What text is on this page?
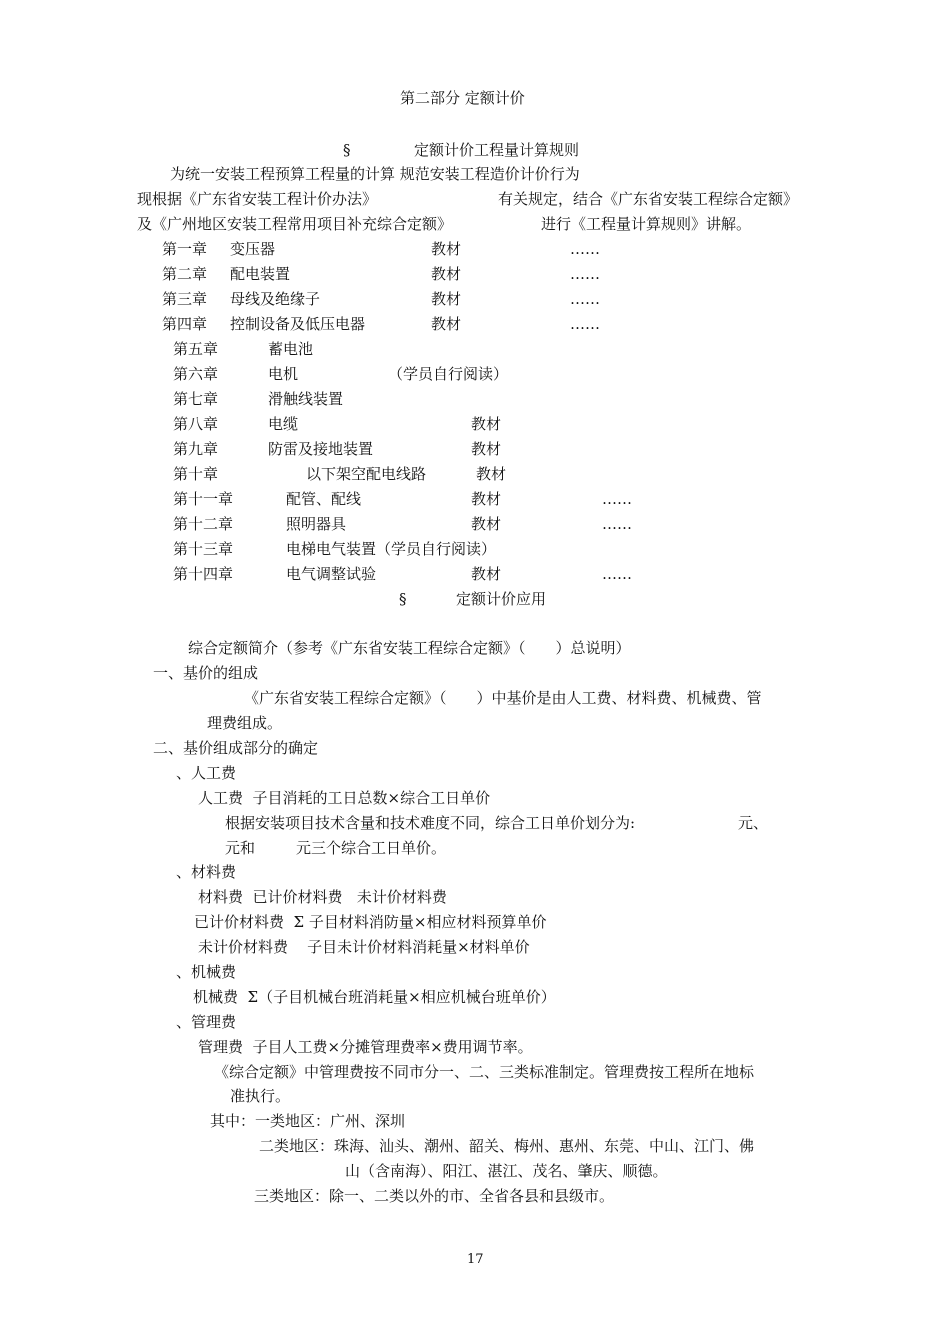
第二部分 定额计价
§	定额计价工程量计算规则
为统一安装工程预算工程量的计算 规范安装工程造价计价行为
现根据《广东省安装工程计价办法》	有关规定，结合《广东省安装工程综合定额》
及《广州地区安装工程常用项目补充综合定额》	进行《工程量计算规则》讲解。
第一章 变压器	教材	……
第二章 配电装置	教材	……
第三章 母线及绝缘子	教材	……
第四章 控制设备及低压电器	教材	……
第五章	蓄电池
第六章	电机	（学员自行阅读）
第七章	滑触线装置
第八章	电缆	教材
第九章	防雷及接地装置	教材
第十章	以下架空配电线路	教材
第十一章	配管、配线	教材	……
第十二章	照明器具	教材	……
第十三章	电梯电气装置（学员自行阅读）
第十四章	电气调整试验	教材	……
§	定额计价应用
综合定额简介（参考《广东省安装工程综合定额》（　　）总说明）
一、基价的组成
《广东省安装工程综合定额》（　　）中基价是由人工费、材料费、机械费、管
理费组成。
二、基价组成部分的确定
、人工费
人工费  子目消耗的工日总数×综合工日单价
根据安装项目技术含量和技术难度不同，综合工日单价划分为:	元、
元和	元三个综合工日单价。
、材料费
材料费  已计价材料费   未计价材料费
已计价材料费  Σ 子目材料消防量×相应材料预算单价
未计价材料费    子目未计价材料消耗量×材料单价
、机械费
机械费  Σ（子目机械台班消耗量×相应机械台班单价）
、管理费
管理费  子目人工费×分摊管理费率×费用调节率。
《综合定额》中管理费按不同市分一、二、三类标准制定。管理费按工程所在地标
准执行。
其中：一类地区：广州、深圳
二类地区：珠海、汕头、潮州、韶关、梅州、惠州、东莞、中山、江门、佛
山（含南海）、阳江、湛江、茂名、肇庆、顺德。
三类地区：除一、二类以外的市、全省各县和县级市。
17
